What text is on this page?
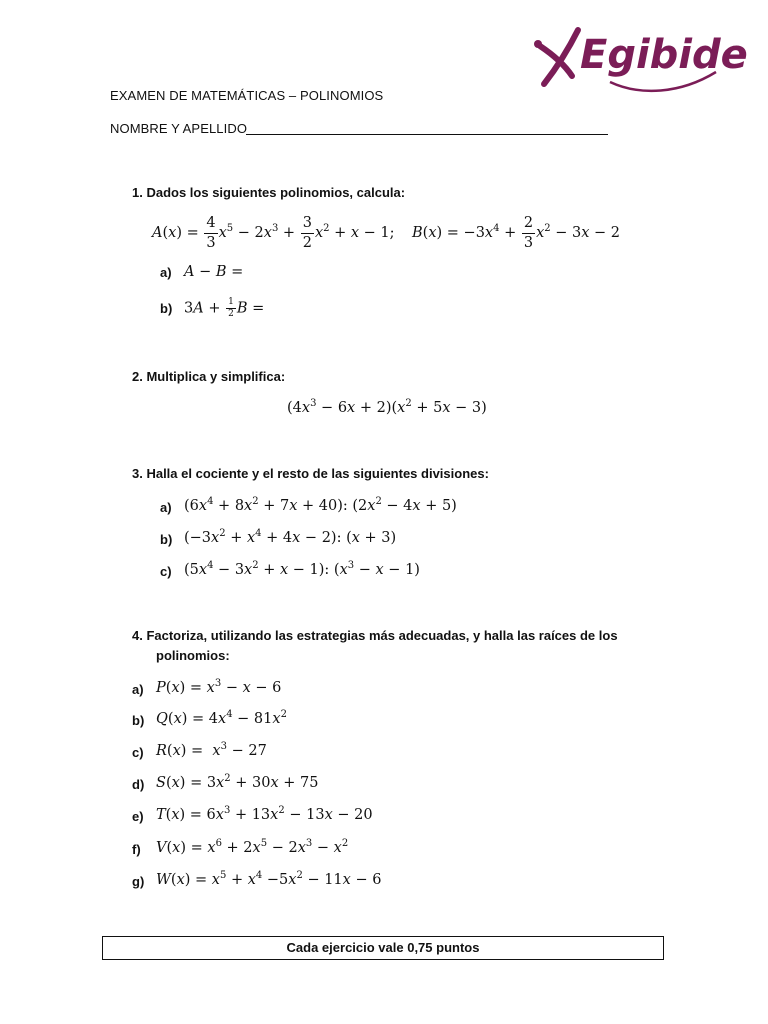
Egibide
EXAMEN DE MATEMÁTICAS – POLINOMIOS
NOMBRE Y APELLIDO
1. Dados los siguientes polinomios, calcula:
$A(x) = \frac{4}{3} x^5 - 2x^3 + \frac{3}{2} x^2 + x - 1$; $B(x) = -3x^4 + \frac{2}{3} x^2 - 3x - 2$
a) A − B =
b) $3A + \frac{1}{2}$ B =
2. Multiplica y simplifica:
$(4x^3 - 6x + 2)(x^2 + 5x - 3)$
3. Halla el cociente y el resto de las siguientes divisiones:
a) $(6x^4 + 8x^2 + 7x + 40)$: $(2x^2 - 4x + 5)$
b) $(-3x^2 + x^4 + 4x - 2)$: (x + 3)
c) $(5x^4 - 3x^2 + x - 1)$: $(x^3 - x - 1)$
4. Factoriza, utilizando las estrategias más adecuadas, y halla las raíces de los
polinomios:
a) $P(x) = x^3 - x - 6$
b) $Q(x) = 4x^4 - 81x^2$
c) $R(x) = x^3 - 27$
d) $S(x) = 3x^2 + 30x + 75$
e) $T(x) = 6x^3 + 13x^2 - 13x - 20$
f) $V(x) = x^6 + 2x^5 - 2x^3 - x^2$
g) $W(x) = x^5 + x^4 -5x^2 - 11x - 6$
Cada ejercicio vale 0,75 puntos
